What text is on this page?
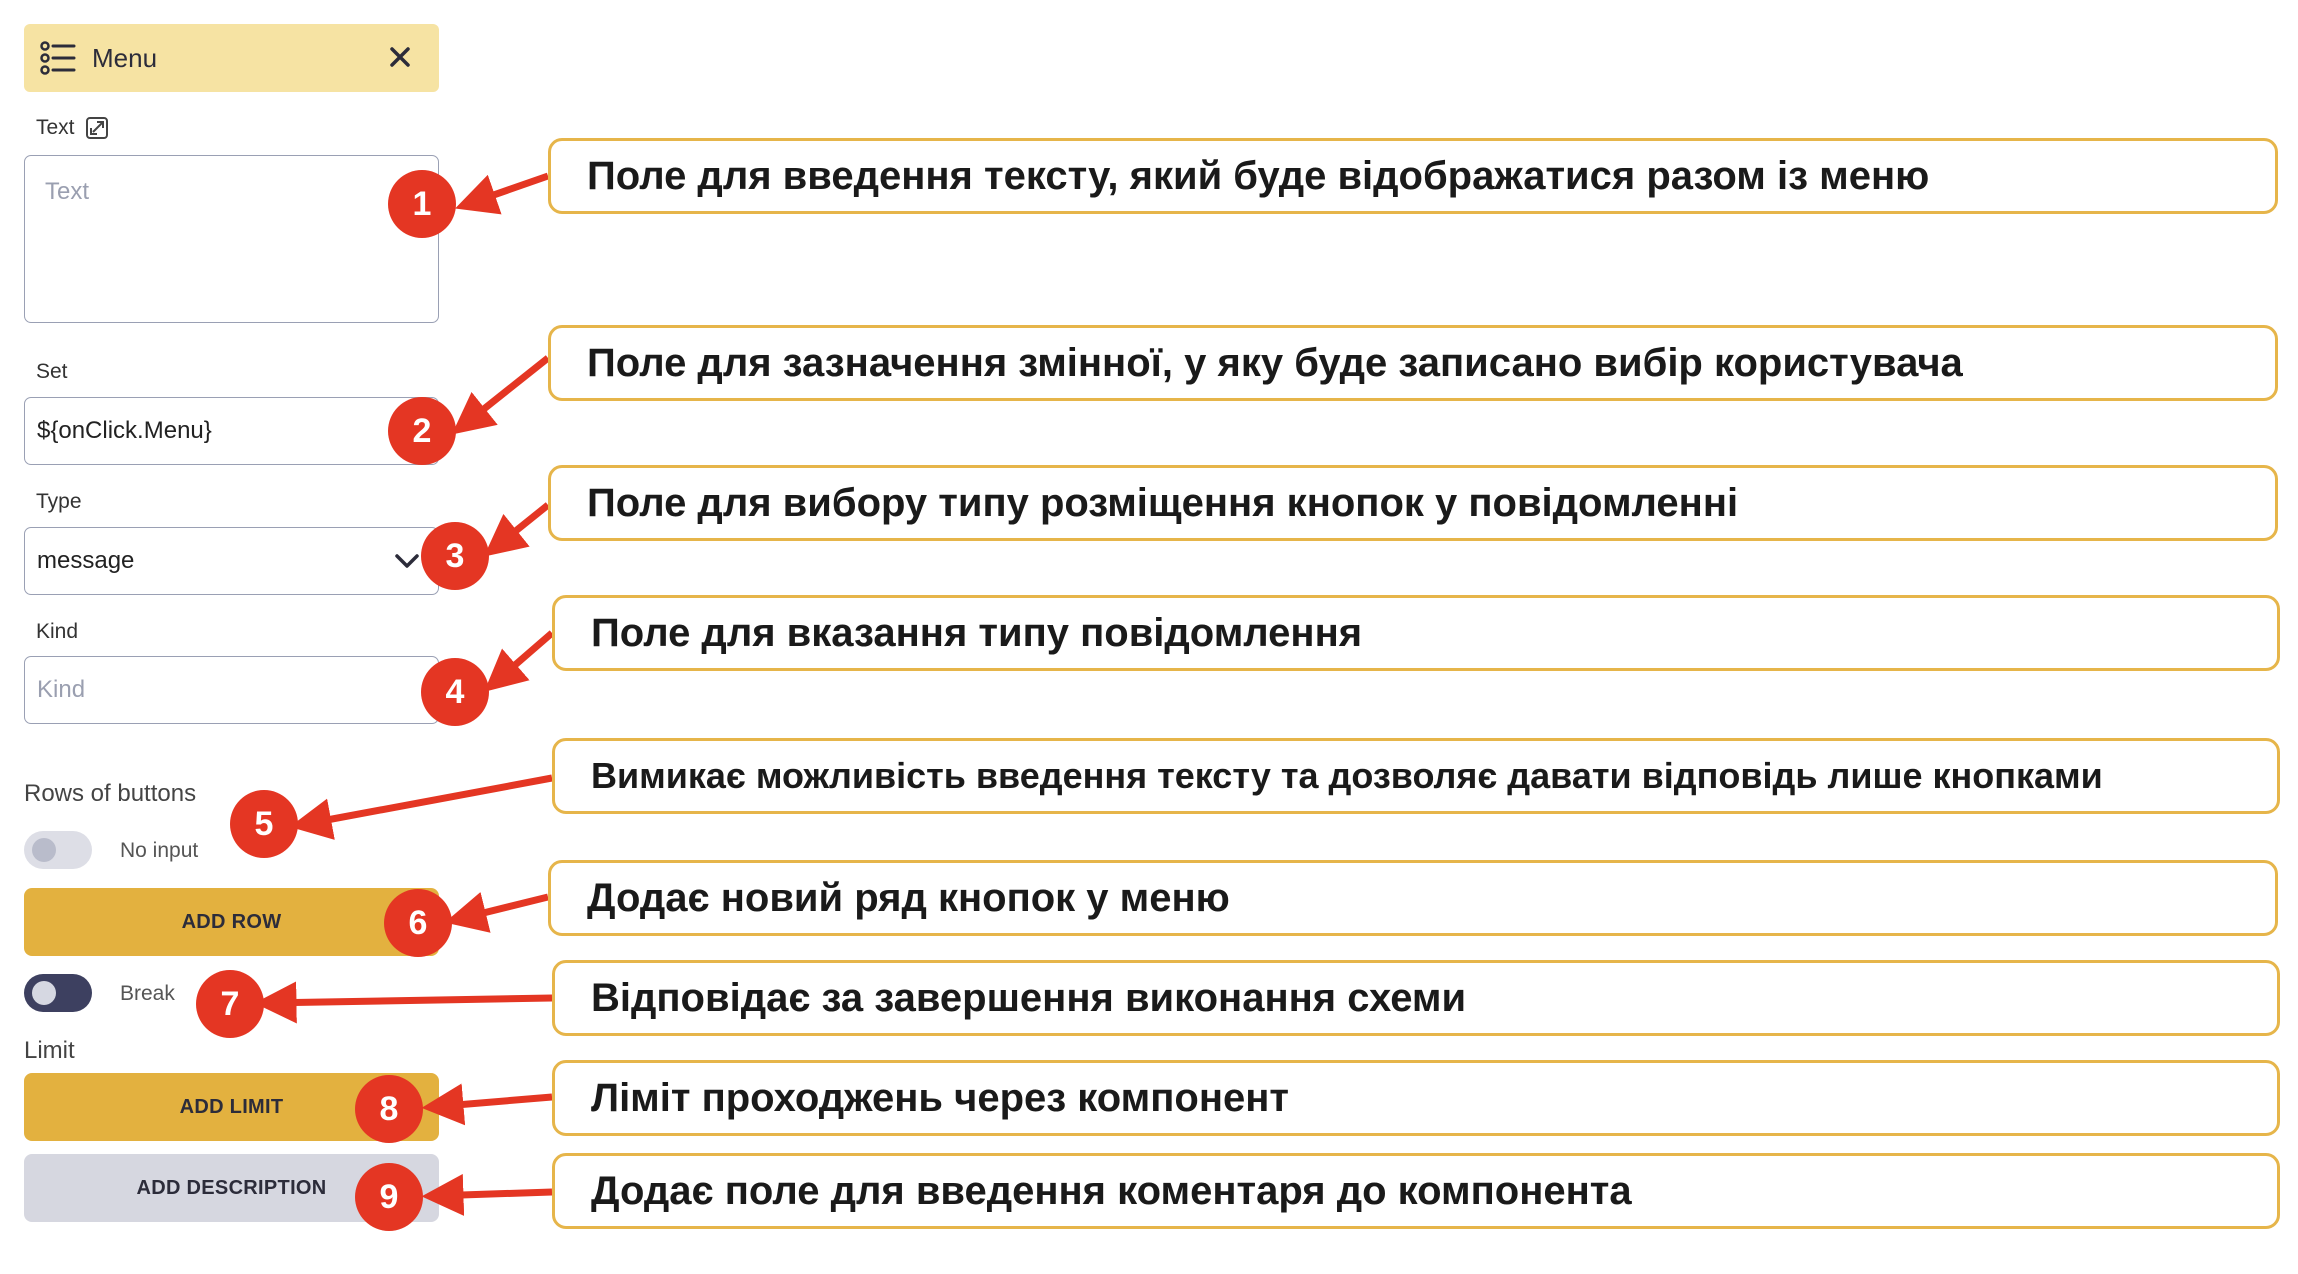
Menu
Text
Text
Set
${onClick.Menu}
Type
message
Kind
Kind
Rows of buttons
No input
ADD ROW
Break
Limit
ADD LIMIT
ADD DESCRIPTION
1
2
3
4
5
6
7
8
9
Поле для введення тексту, який буде відображатися разом із меню
Поле для зазначення змінної, у яку буде записано вибір користувача
Поле для вибору типу розміщення кнопок у повідомленні
Поле для вказання типу повідомлення
Вимикає можливість введення тексту та дозволяє давати відповідь лише кнопками
Додає новий ряд кнопок у меню
Відповідає за завершення виконання схеми
Ліміт проходжень через компонент
Додає поле для введення коментаря до компонента
